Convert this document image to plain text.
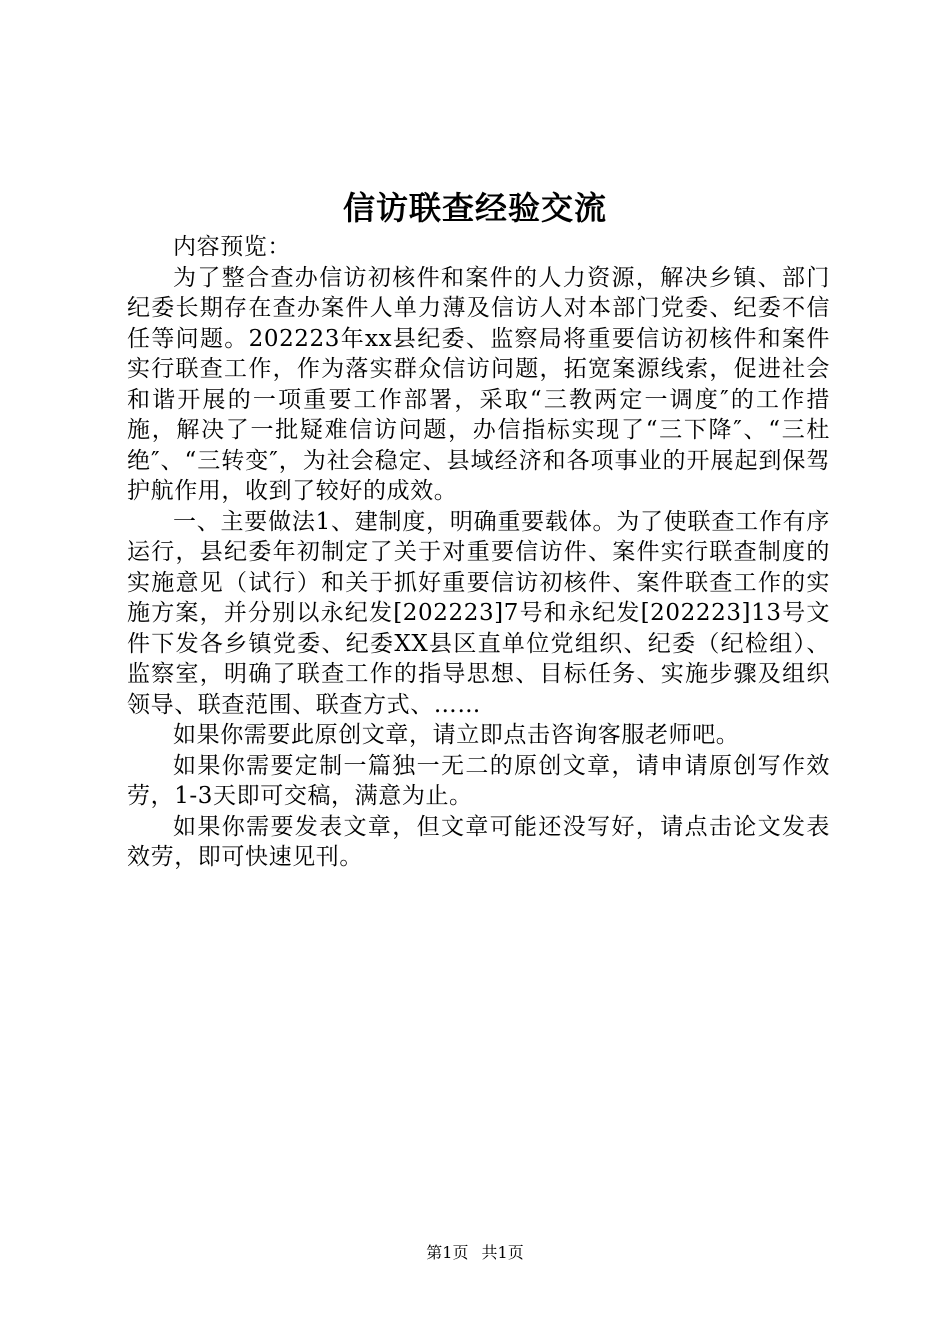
信访联查经验交流

内容预览：

为了整合查办信访初核件和案件的人力资源，解决乡镇、部门纪委长期存在查办案件人单力薄及信访人对本部门党委、纪委不信任等问题。202223年xx县纪委、监察局将重要信访初核件和案件实行联查工作，作为落实群众信访问题，拓宽案源线索，促进社会和谐开展的一项重要工作部署，采取“三教两定一调度″的工作措施，解决了一批疑难信访问题，办信指标实现了“三下降″、“三杜绝″、“三转变″，为社会稳定、县域经济和各项事业的开展起到保驾护航作用，收到了较好的成效。

一、主要做法1、建制度，明确重要载体。为了使联查工作有序运行，县纪委年初制定了关于对重要信访件、案件实行联查制度的实施意见（试行）和关于抓好重要信访初核件、案件联查工作的实施方案，并分别以永纪发[202223]7号和永纪发[202223]13号文件下发各乡镇党委、纪委XX县区直单位党组织、纪委（纪检组）、监察室，明确了联查工作的指导思想、目标任务、实施步骤及组织领导、联查范围、联查方式、……

如果你需要此原创文章，请立即点击咨询客服老师吧。

如果你需要定制一篇独一无二的原创文章，请申请原创写作效劳，1-3天即可交稿，满意为止。

如果你需要发表文章，但文章可能还没写好，请点击论文发表效劳，即可快速见刊。

第1页 共1页
